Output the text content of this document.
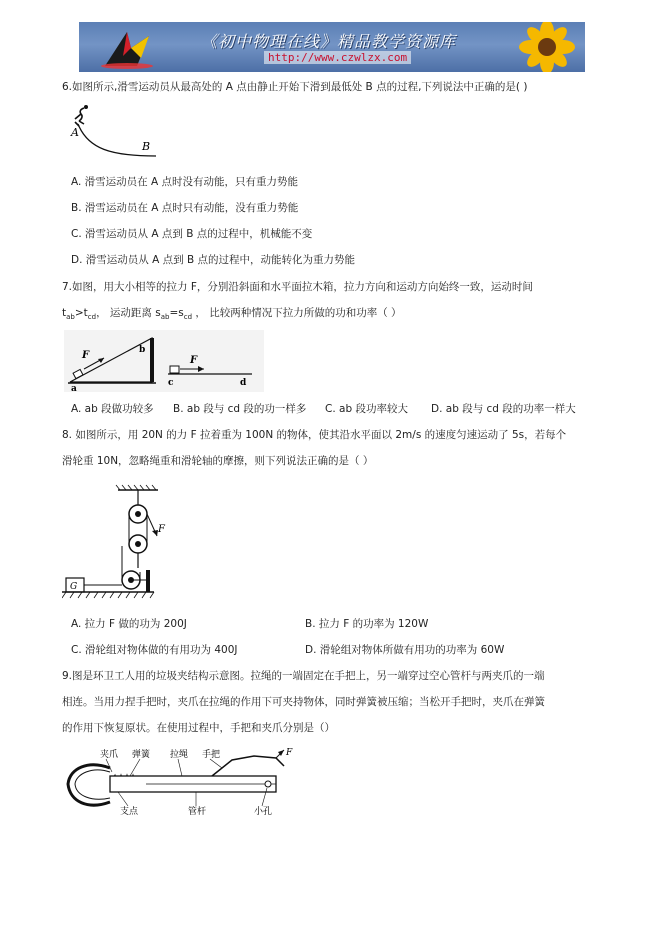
《初中物理在线》精品教学资源库
http://www.czwlzx.com
6.如图所示,滑雪运动员从最高处的 A 点由静止开始下滑到最低处 B 点的过程,下列说法中正确的是( )
A
B
A. 滑雪运动员在 A 点时没有动能，只有重力势能
B. 滑雪运动员在 A 点时只有动能，没有重力势能
C. 滑雪运动员从 A 点到 B 点的过程中，机械能不变
D. 滑雪运动员从 A 点到 B 点的过程中，动能转化为重力势能
7.如图，用大小相等的拉力 F，分别沿斜面和水平面拉木箱，拉力方向和运动方向始终一致，运动时间
$t_{ab}>t_{cd}$， 运动距离 $s_{ab}=s_{cd}$ ， 比较两种情况下拉力所做的功和功率（ ）
F
a
b
F
c	d
A. ab 段做功较多 B. ab 段与 cd 段的功一样多 C. ab 段功率较大 D. ab 段与 cd 段的功率一样大
8. 如图所示，用 20N 的力 F 拉着重为 100N 的物体，使其沿水平面以 2m/s 的速度匀速运动了 5s，若每个
滑轮重 10N，忽略绳重和滑轮轴的摩擦，则下列说法正确的是（ ）
F
G
A. 拉力 F 做的功为 200J	B. 拉力 F 的功率为 120W
C. 滑轮组对物体做的有用功为 400J	D. 滑轮组对物体所做有用功的功率为 60W
9.图是环卫工人用的垃圾夹结构示意图。拉绳的一端固定在手把上，另一端穿过空心管杆与两夹爪的一端
相连。当用力捏手把时，夹爪在拉绳的作用下可夹持物体，同时弹簧被压缩；当松开手把时，夹爪在弹簧
的作用下恢复原状。在使用过程中，手把和夹爪分别是（）
F
夹爪 弹簧 拉绳 手把
支点	管杆	小孔
